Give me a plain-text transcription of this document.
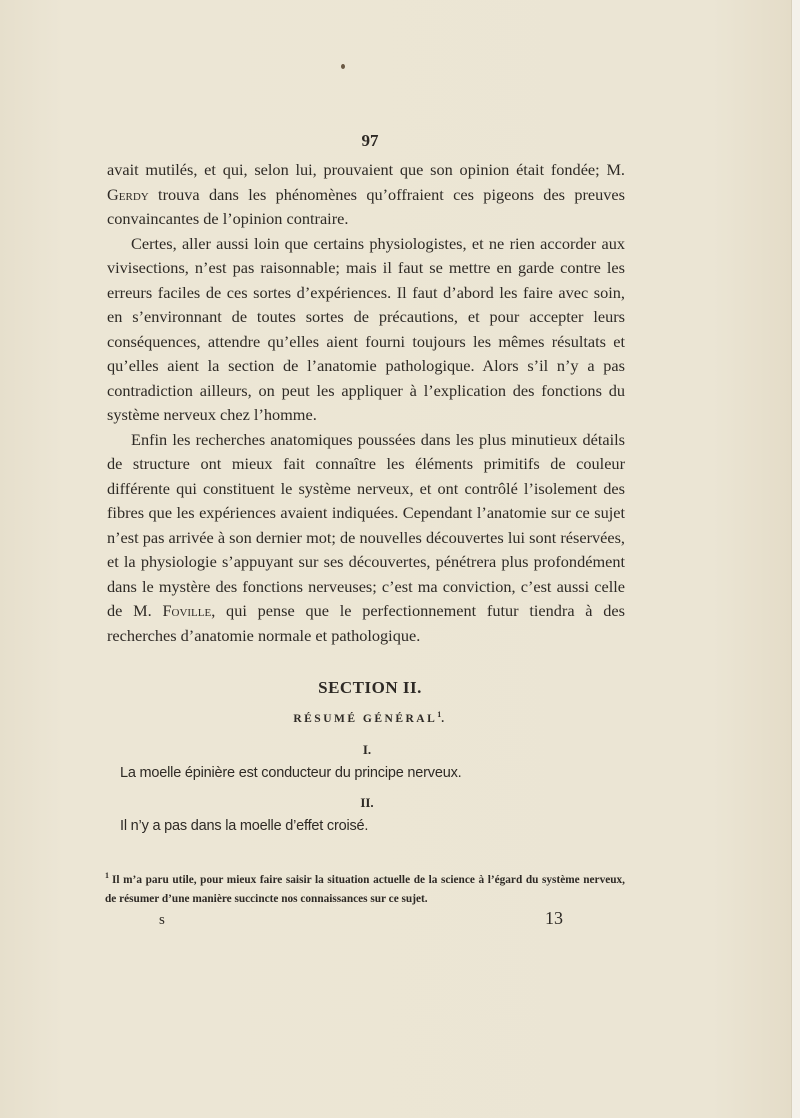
97

avait mutilés, et qui, selon lui, prouvaient que son opinion était fondée; M. Gerdy trouva dans les phénomènes qu’offraient ces pigeons des preuves convaincantes de l’opinion contraire.

Certes, aller aussi loin que certains physiologistes, et ne rien accorder aux vivisections, n’est pas raisonnable; mais il faut se mettre en garde contre les erreurs faciles de ces sortes d’expériences. Il faut d’abord les faire avec soin, en s’environnant de toutes sortes de précautions, et pour accepter leurs conséquences, attendre qu’elles aient fourni toujours les mêmes résultats et qu’elles aient la section de l’anatomie pathologique. Alors s’il n’y a pas contradiction ailleurs, on peut les appliquer à l’explication des fonctions du système nerveux chez l’homme.

Enfin les recherches anatomiques poussées dans les plus minutieux détails de structure ont mieux fait connaître les éléments primitifs de couleur différente qui constituent le système nerveux, et ont contrôlé l’isolement des fibres que les expériences avaient indiquées. Cependant l’anatomie sur ce sujet n’est pas arrivée à son dernier mot; de nouvelles découvertes lui sont réservées, et la physiologie s’appuyant sur ses découvertes, pénétrera plus profondément dans le mystère des fonctions nerveuses; c’est ma conviction, c’est aussi celle de M. Foville, qui pense que le perfectionnement futur tiendra à des recherches d’anatomie normale et pathologique.

SECTION II.
RÉSUMÉ GÉNÉRAL$^1$.
I.
La moelle épinière est conducteur du principe nerveux.
II.
Il n’y a pas dans la moelle d’effet croisé.
$^1$ Il m’a paru utile, pour mieux faire saisir la situation actuelle de la science à l’égard du système nerveux, de résumer d’une manière succincte nos connaissances sur ce sujet.
s	13
